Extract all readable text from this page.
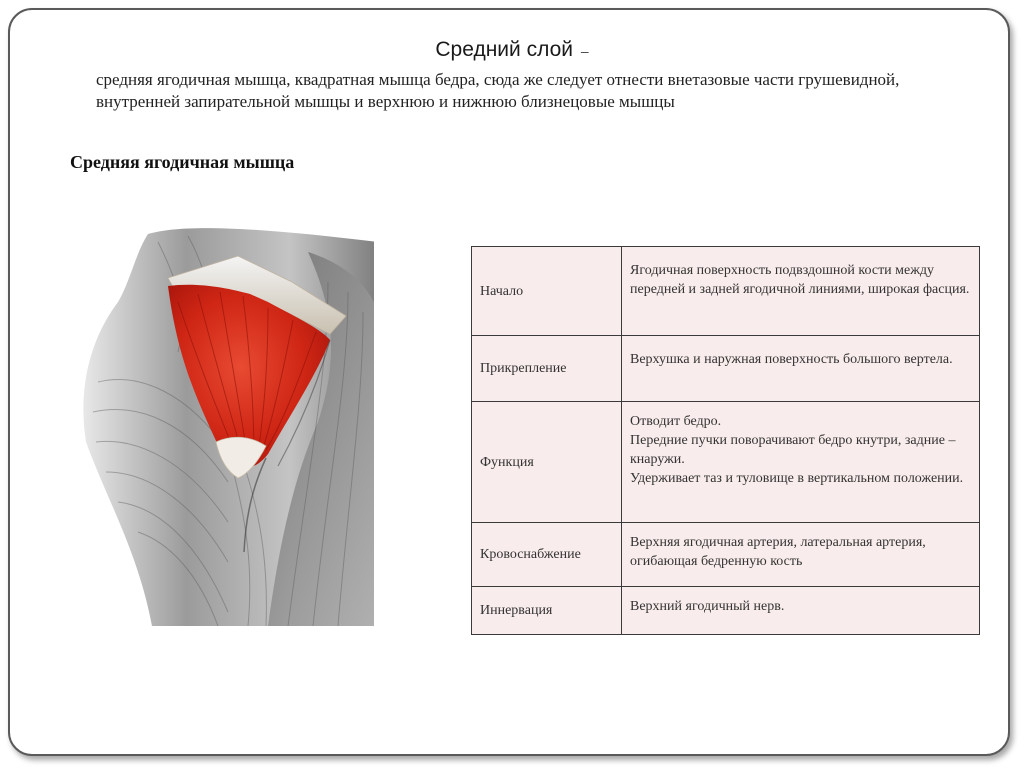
Средний слой –

средняя ягодичная мышца, квадратная мышца бедра, сюда же следует отнести внетазовые части грушевидной, внутренней запирательной мышцы и верхнюю и нижнюю близнецовые мышцы

Средняя ягодичная мышца
Начало	Ягодичная поверхность подвздошной кости между передней и задней ягодичной линиями, широкая фасция.
Прикрепление	Верхушка и наружная поверхность большого вертела.
Функция	Отводит бедро.
Передние пучки поворачивают бедро кнутри, задние – кнаружи.
Удерживает таз и туловище в вертикальном положении.

Кровоснабжение	Верхняя ягодичная артерия, латеральная артерия, огибающая бедренную кость
Иннервация	Верхний ягодичный нерв.
